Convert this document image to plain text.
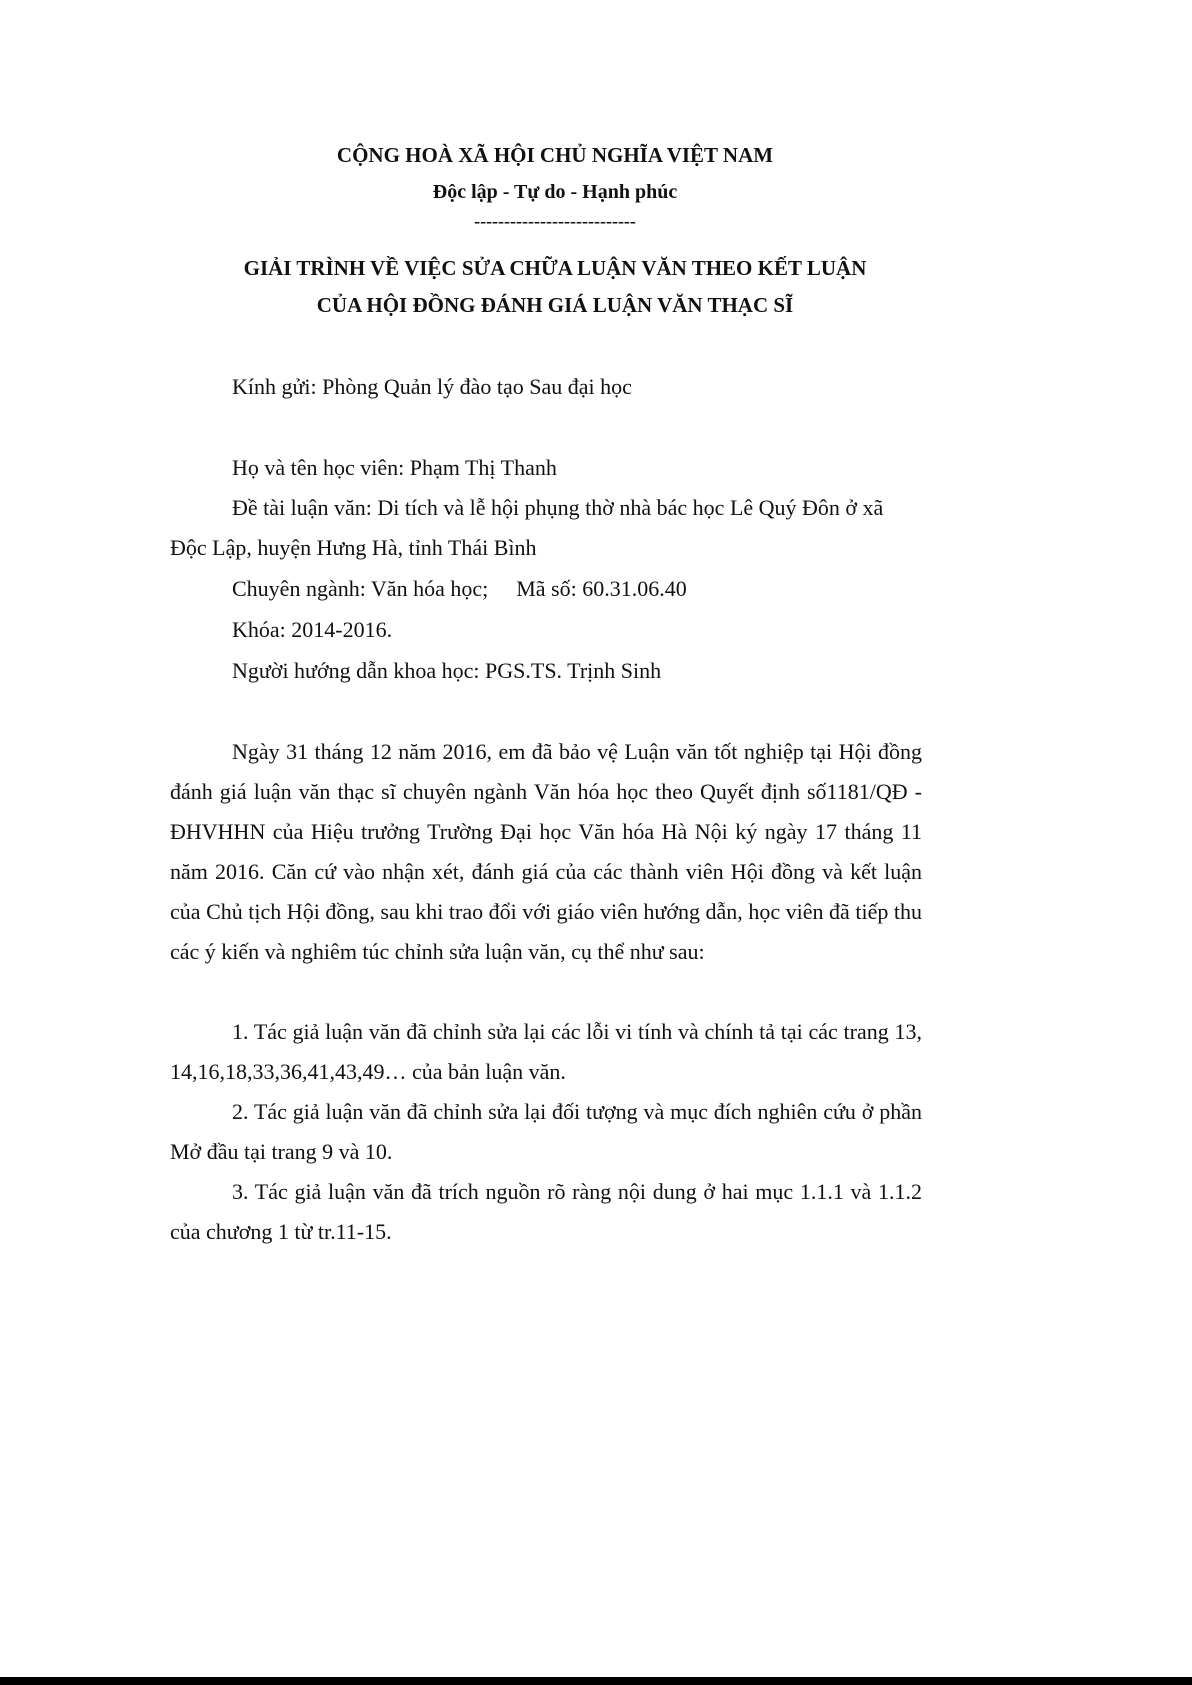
CỘNG HOÀ XÃ HỘI CHỦ NGHĨA VIỆT NAM
Độc lập - Tự do - Hạnh phúc
---------------------------
GIẢI TRÌNH VỀ VIỆC SỬA CHỮA LUẬN VĂN THEO KẾT LUẬN
CỦA HỘI ĐỒNG ĐÁNH GIÁ LUẬN VĂN THẠC SĨ
Kính gửi: Phòng Quản lý đào tạo Sau đại học
Họ và tên học viên: Phạm Thị Thanh
Đề tài luận văn: Di tích và lễ hội phụng thờ nhà bác học Lê Quý Đôn ở xã
Độc Lập, huyện Hưng Hà, tỉnh Thái Bình
Chuyên ngành: Văn hóa học; Mã số: 60.31.06.40
Khóa: 2014-2016.
Người hướng dẫn khoa học: PGS.TS. Trịnh Sinh

Ngày 31 tháng 12 năm 2016, em đã bảo vệ Luận văn tốt nghiệp tại Hội đồng đánh giá luận văn thạc sĩ chuyên ngành Văn hóa học theo Quyết định số1181/QĐ - ĐHVHHN của Hiệu trưởng Trường Đại học Văn hóa Hà Nội ký ngày 17 tháng 11 năm 2016. Căn cứ vào nhận xét, đánh giá của các thành viên Hội đồng và kết luận của Chủ tịch Hội đồng, sau khi trao đổi với giáo viên hướng dẫn, học viên đã tiếp thu các ý kiến và nghiêm túc chỉnh sửa luận văn, cụ thể như sau:

1. Tác giả luận văn đã chỉnh sửa lại các lỗi vi tính và chính tả tại các trang 13, 14,16,18,33,36,41,43,49… của bản luận văn.

2. Tác giả luận văn đã chỉnh sửa lại đối tượng và mục đích nghiên cứu ở phần Mở đầu tại trang 9 và 10.

3. Tác giả luận văn đã trích nguồn rõ ràng nội dung ở hai mục 1.1.1 và 1.1.2 của chương 1 từ tr.11-15.
